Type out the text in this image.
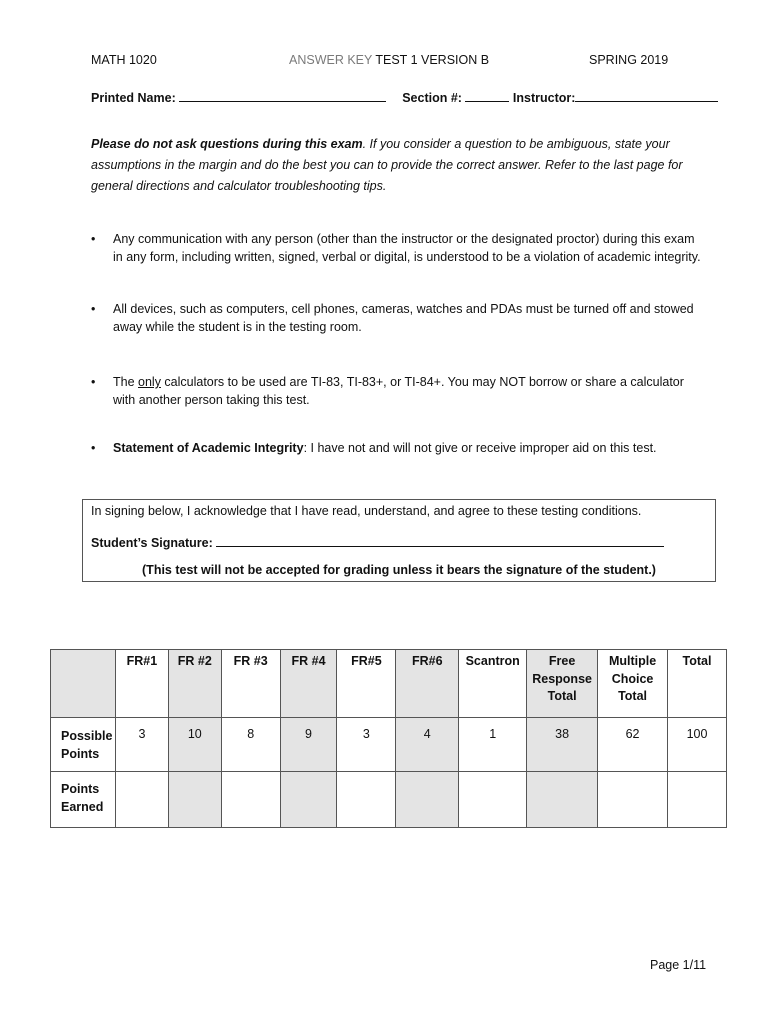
MATH 1020	ANSWER KEY TEST 1 VERSION B	SPRING 2019
Printed Name:	Section #:	Instructor:
Please do not ask questions during this exam. If you consider a question to be ambiguous, state your assumptions in the margin and do the best you can to provide the correct answer. Refer to the last page for general directions and calculator troubleshooting tips.
• Any communication with any person (other than the instructor or the designated proctor) during this exam in any form, including written, signed, verbal or digital, is understood to be a violation of academic integrity.
• All devices, such as computers, cell phones, cameras, watches and PDAs must be turned off and stowed away while the student is in the testing room.
• The only calculators to be used are TI-83, TI-83+, or TI-84+. You may NOT borrow or share a calculator with another person taking this test.
• Statement of Academic Integrity: I have not and will not give or receive improper aid on this test.
In signing below, I acknowledge that I have read, understand, and agree to these testing conditions.
Student’s Signature:
(This test will not be accepted for grading unless it bears the signature of the student.)
	FR#1	FR #2	FR #3	FR #4	FR#5	FR#6	Scantron	Free Response Total	Multiple Choice Total	Total
Possible Points	3	10	8	9	3	4	1	38	62	100
Points Earned										
Page 1/11
